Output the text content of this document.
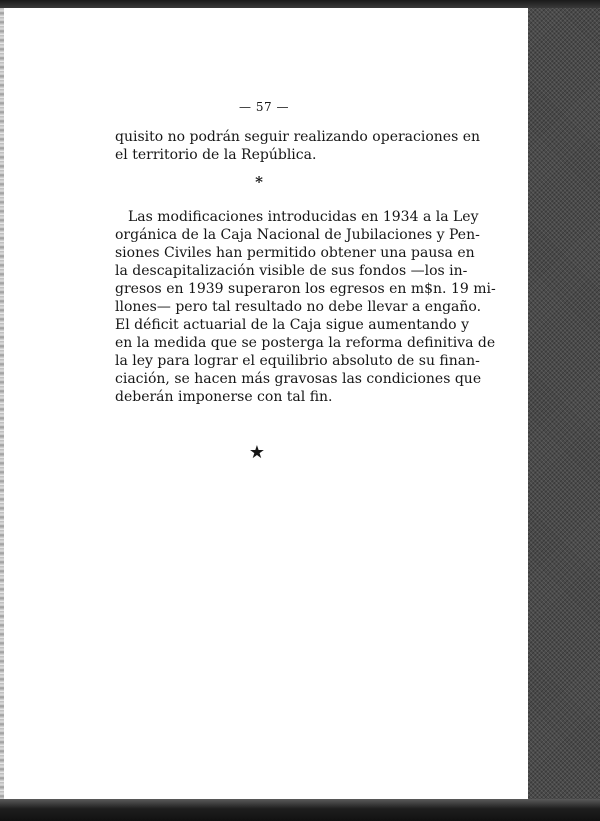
— 57 —
quisito no podrán seguir realizando operaciones en
el territorio de la República.
*
Las modificaciones introducidas en 1934 a la Ley
orgánica de la Caja Nacional de Jubilaciones y Pen-
siones Civiles han permitido obtener una pausa en
la descapitalización visible de sus fondos —los in-
gresos en 1939 superaron los egresos en m$n. 19 mi-
llones— pero tal resultado no debe llevar a engaño.
El déficit actuarial de la Caja sigue aumentando y
en la medida que se posterga la reforma definitiva de
la ley para lograr el equilibrio absoluto de su finan-
ciación, se hacen más gravosas las condiciones que
deberán imponerse con tal fin.
★
